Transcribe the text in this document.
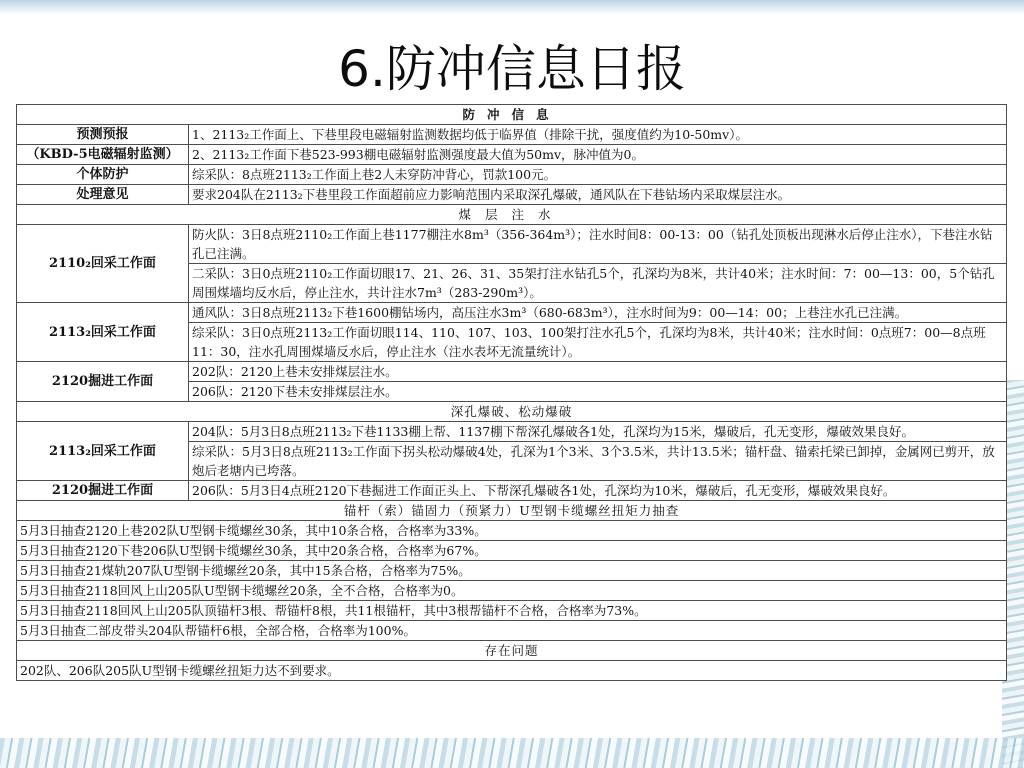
6.防冲信息日报
防冲信息	
预测预报	1、2113₂工作面上、下巷里段电磁辐射监测数据均低于临界值（排除干扰，强度值约为10-50mv）。
（KBD-5电磁辐射监测）	2、2113₂工作面下巷523-993棚电磁辐射监测强度最大值为50mv，脉冲值为0。
个体防护	综采队：8点班2113₂工作面上巷2人未穿防冲背心，罚款100元。
处理意见	要求204队在2113₂下巷里段工作面超前应力影响范围内采取深孔爆破，通风队在下巷钻场内采取煤层注水。
煤层注水	
2110₂回采工作面	防火队：3日8点班2110₂工作面上巷1177棚注水8m³（356-364m³）；注水时间8：00-13：00（钻孔处顶板出现淋水后停止注水），下巷注水钻孔已注满。
	二采队：3日0点班2110₂工作面切眼17、21、26、31、35架打注水钻孔5个，孔深均为8米，共计40米；注水时间：7：00—13：00，5个钻孔周围煤墙均反水后，停止注水，共计注水7m³（283-290m³）。
2113₂回采工作面	通风队：3日8点班2113₂下巷1600棚钻场内，高压注水3m³（680-683m³），注水时间为9：00—14：00；上巷注水孔已注满。
	综采队：3日0点班2113₂工作面切眼114、110、107、103、100架打注水孔5个，孔深均为8米，共计40米；注水时间：0点班7：00—8点班11：30，注水孔周围煤墙反水后，停止注水（注水表坏无流量统计）。
2120掘进工作面	202队：2120上巷未安排煤层注水。
	206队：2120下巷未安排煤层注水。
深孔爆破、松动爆破	
2113₂回采工作面	204队：5月3日8点班2113₂下巷1133棚上帮、1137棚下帮深孔爆破各1处，孔深均为15米，爆破后，孔无变形，爆破效果良好。
	综采队：5月3日8点班2113₂工作面下拐头松动爆破4处，孔深为1个3米、3个3.5米，共计13.5米；锚杆盘、锚索托梁已卸掉，金属网已剪开，放炮后老塘内已垮落。
2120掘进工作面	206队：5月3日4点班2120下巷掘进工作面正头上、下帮深孔爆破各1处，孔深均为10米，爆破后，孔无变形，爆破效果良好。
锚杆（索）锚固力（预紧力）U型钢卡缆螺丝扭矩力抽查	
5月3日抽查2120上巷202队U型钢卡缆螺丝30条，其中10条合格，合格率为33%。	
5月3日抽查2120下巷206队U型钢卡缆螺丝30条，其中20条合格，合格率为67%。	
5月3日抽查21煤轨207队U型钢卡缆螺丝20条，其中15条合格，合格率为75%。	
5月3日抽查2118回风上山205队U型钢卡缆螺丝20条，全不合格，合格率为0。	
5月3日抽查2118回风上山205队顶锚杆3根、帮锚杆8根，共11根锚杆，其中3根帮锚杆不合格，合格率为73%。	
5月3日抽查二部皮带头204队帮锚杆6根，全部合格，合格率为100%。	
存在问题	
202队、206队205队U型钢卡缆螺丝扭矩力达不到要求。	
